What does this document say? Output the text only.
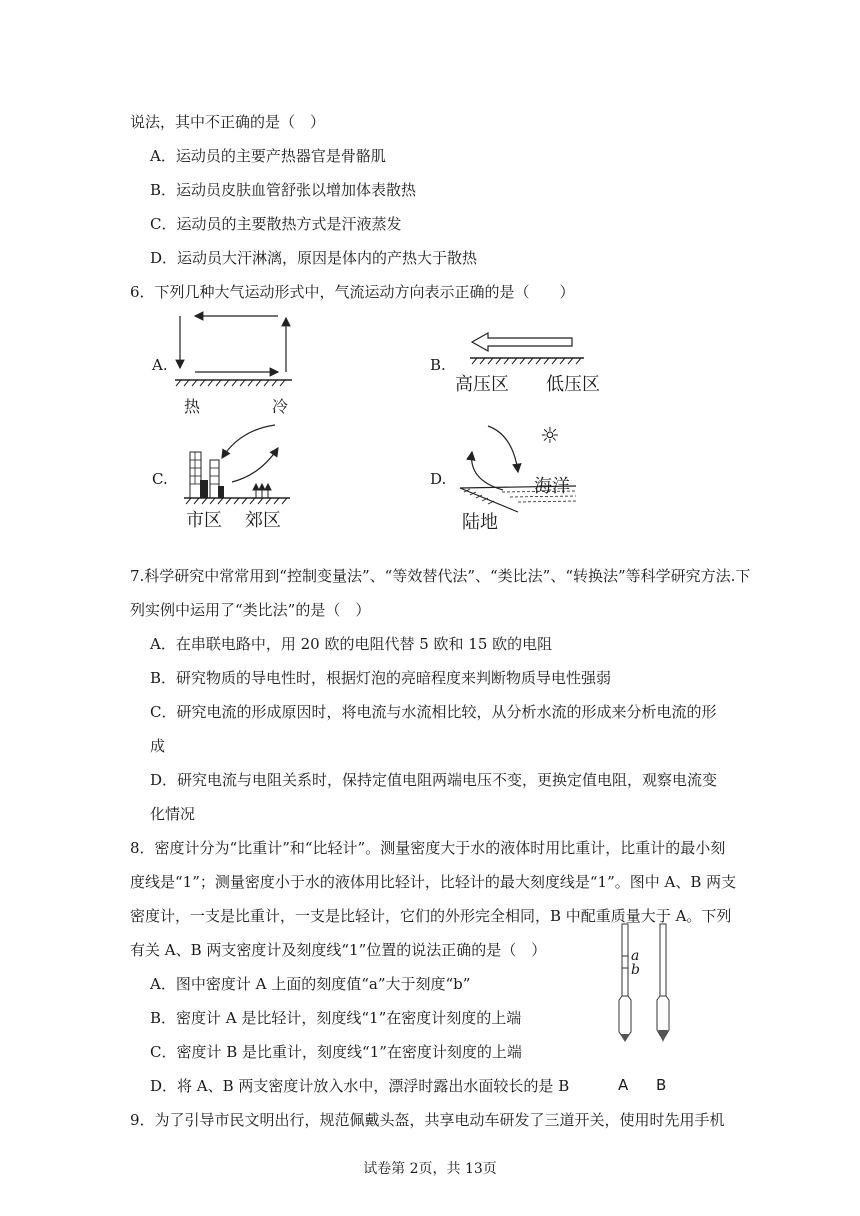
说法，其中不正确的是（　）
A．运动员的主要产热器官是骨骼肌
B．运动员皮肤血管舒张以增加体表散热
C．运动员的主要散热方式是汗液蒸发
D．运动员大汗淋漓，原因是体内的产热大于散热
6．下列几种大气运动形式中，气流运动方向表示正确的是（　　）
A.	B.
C.	D.
热	冷
高压区 低压区
市区 郊区
☼
海洋
陆地
7.科学研究中常常用到“控制变量法”、“等效替代法”、“类比法”、“转换法”等科学研究方法.下
列实例中运用了“类比法”的是（　）
A．在串联电路中，用 20 欧的电阻代替 5 欧和 15 欧的电阻
B．研究物质的导电性时，根据灯泡的亮暗程度来判断物质导电性强弱
C．研究电流的形成原因时，将电流与水流相比较，从分析水流的形成来分析电流的形
成
D．研究电流与电阻关系时，保持定值电阻两端电压不变，更换定值电阻，观察电流变
化情况
8．密度计分为“比重计”和“比轻计”。测量密度大于水的液体时用比重计，比重计的最小刻
度线是“1”；测量密度小于水的液体用比轻计，比轻计的最大刻度线是“1”。图中 A、B 两支
密度计，一支是比重计，一支是比轻计，它们的外形完全相同，B 中配重质量大于 A。下列
有关 A、B 两支密度计及刻度线“1”位置的说法正确的是（　）
A．图中密度计 A 上面的刻度值“a”大于刻度“b”
B．密度计 A 是比轻计，刻度线“1”在密度计刻度的上端
C．密度计 B 是比重计，刻度线“1”在密度计刻度的上端
D．将 A、B 两支密度计放入水中，漂浮时露出水面较长的是 B
a
b
A B
9．为了引导市民文明出行，规范佩戴头盔，共享电动车研发了三道开关，使用时先用手机
试卷第 2页，共 13页
